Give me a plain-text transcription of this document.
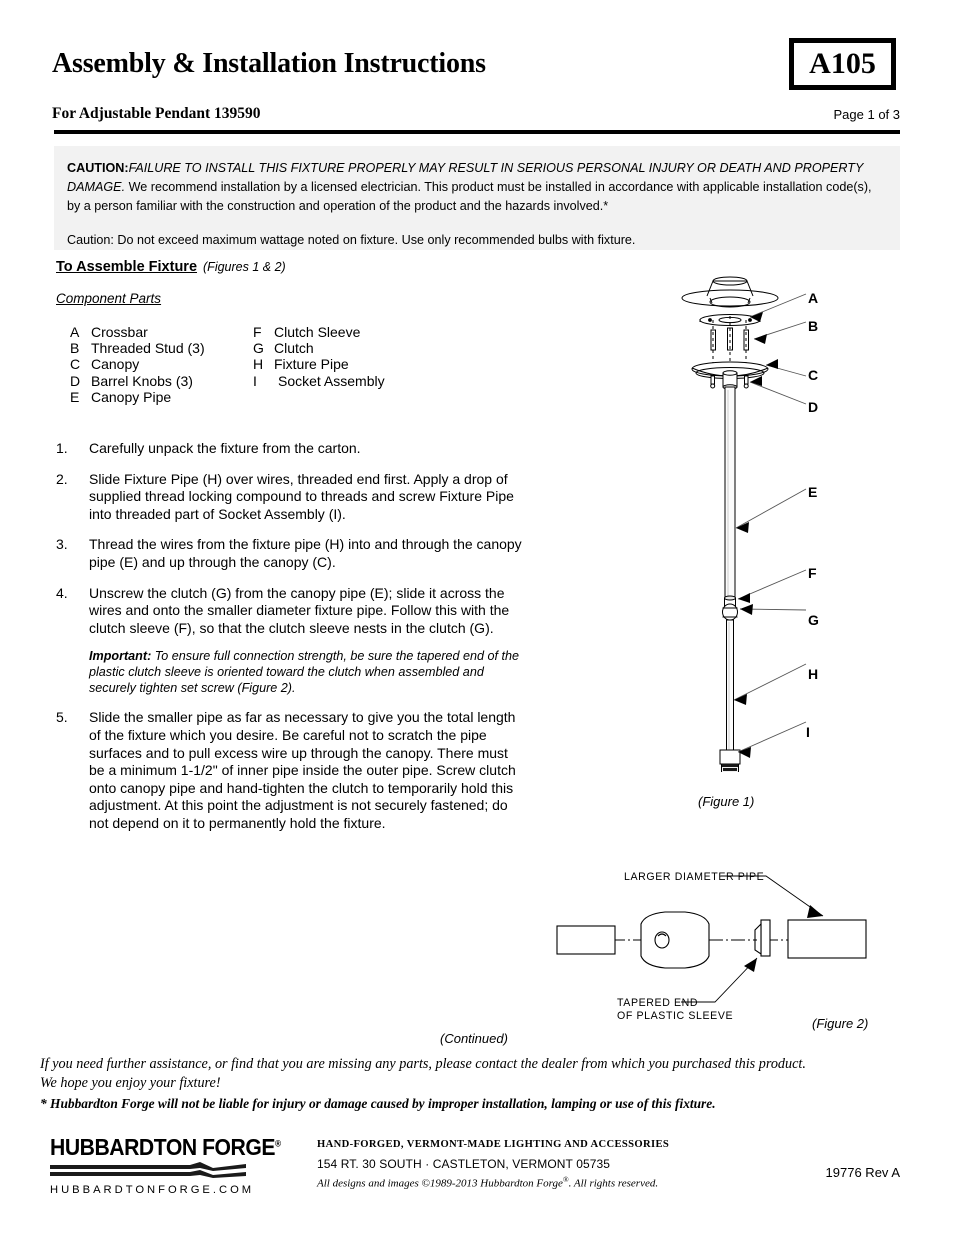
Assembly & Installation Instructions
For Adjustable Pendant 139590
A105
Page 1 of 3

CAUTION:FAILURE TO INSTALL THIS FIXTURE PROPERLY MAY RESULT IN SERIOUS PERSONAL INJURY OR DEATH AND PROPERTY DAMAGE. We recommend installation by a licensed electrician. This product must be installed in accordance with applicable installation code(s), by a person familiar with the construction and operation of the product and the hazards involved.*

Caution: Do not exceed maximum wattage noted on fixture. Use only recommended bulbs with fixture.

To Assemble Fixture (Figures 1 & 2)
Component Parts
A Crossbar
B Threaded Stud (3)
C Canopy
D Barrel Knobs (3)
E Canopy Pipe
F Clutch Sleeve
G Clutch
H Fixture Pipe
I	Socket Assembly
1.	Carefully unpack the fixture from the carton.
2.	Slide Fixture Pipe (H) over wires, threaded end first. Apply a drop of supplied thread locking compound to threads and screw Fixture Pipe into threaded part of Socket Assembly (I).
3.	Thread the wires from the fixture pipe (H) into and through the canopy pipe (E) and up through the canopy (C).
4.	Unscrew the clutch (G) from the canopy pipe (E); slide it across the wires and onto the smaller diameter fixture pipe. Follow this with the clutch sleeve (F), so that the clutch sleeve nests in the clutch (G).
Important: To ensure full connection strength, be sure the tapered end of the plastic clutch sleeve is oriented toward the clutch when assembled and securely tighten set screw (Figure 2).
5.	Slide the smaller pipe as far as necessary to give you the total length of the fixture which you desire. Be careful not to scratch the pipe surfaces and to pull excess wire up through the canopy. There must be a minimum 1-1/2" of inner pipe inside the outer pipe. Screw clutch onto canopy pipe and hand-tighten the clutch to temporarily hold this adjustment. At this point the adjustment is not securely fastened; do not depend on it to permanently hold the fixture.
A
B
C
D
E
F
G
H
I
(Figure 1)
LARGER DIAMETER PIPE
TAPERED END
OF PLASTIC SLEEVE	(Figure 2)
(Continued)
If you need further assistance, or find that you are missing any parts, please contact the dealer from which you purchased this product.
We hope you enjoy your fixture!
* Hubbardton Forge will not be liable for injury or damage caused by improper installation, lamping or use of this fixture.
HUBBARDTON FORGE®
HUBBARDTONFORGE.COM
HAND-FORGED, VERMONT-MADE LIGHTING AND ACCESSORIES
154 RT. 30 SOUTH · CASTLETON, VERMONT 05735
All designs and images ©1989-2013 Hubbardton Forge®. All rights reserved.
19776 Rev A
